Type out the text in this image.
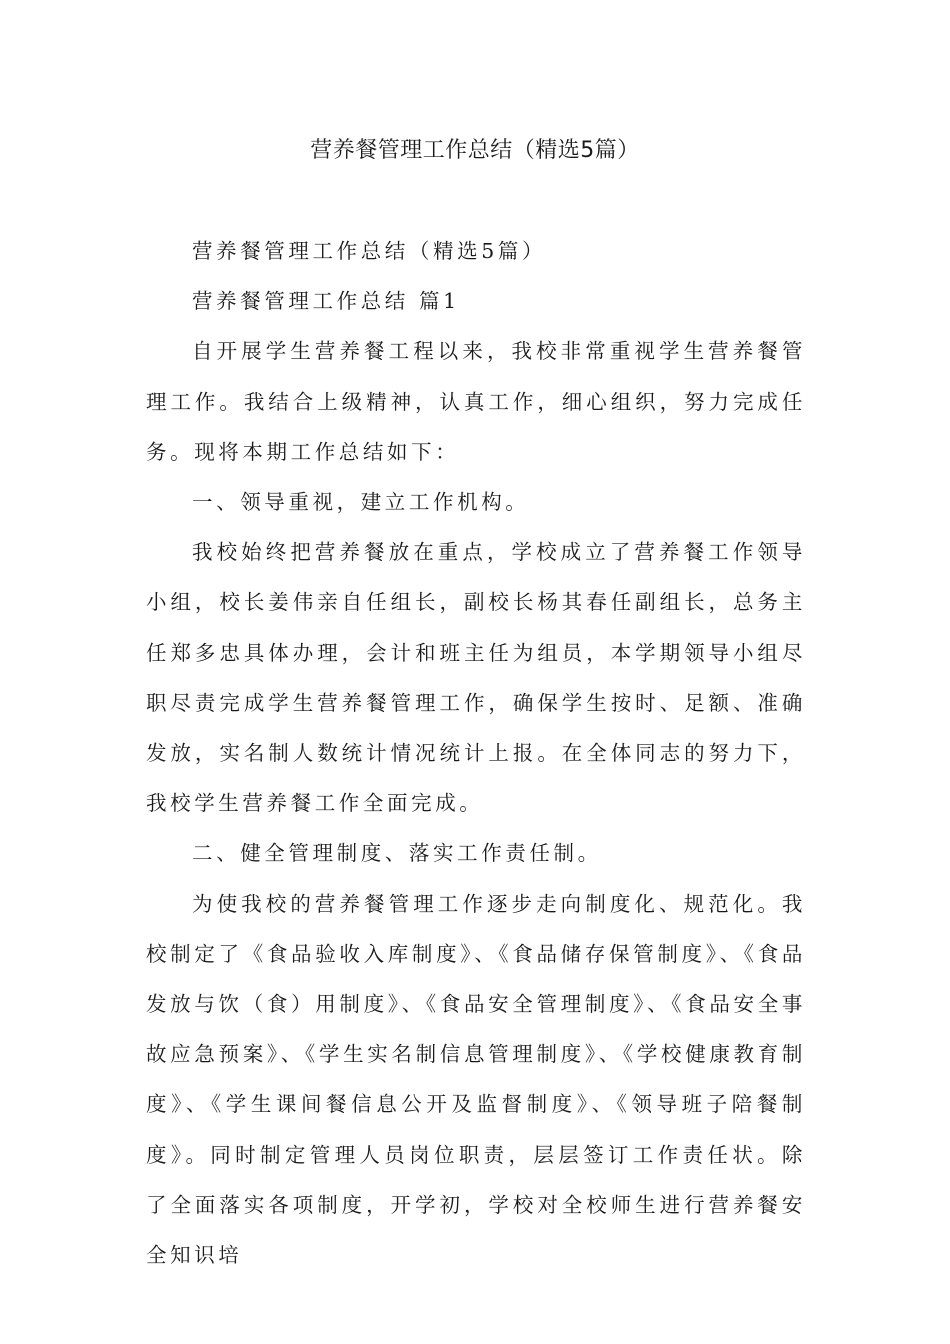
营养餐管理工作总结（精选5篇）

营养餐管理工作总结（精选5篇）

营养餐管理工作总结 篇1

自开展学生营养餐工程以来，我校非常重视学生营养餐管理工作。我结合上级精神，认真工作，细心组织，努力完成任务。现将本期工作总结如下：

一、领导重视，建立工作机构。

我校始终把营养餐放在重点，学校成立了营养餐工作领导小组，校长姜伟亲自任组长，副校长杨其春任副组长，总务主任郑多忠具体办理，会计和班主任为组员，本学期领导小组尽职尽责完成学生营养餐管理工作，确保学生按时、足额、准确发放，实名制人数统计情况统计上报。在全体同志的努力下，我校学生营养餐工作全面完成。

二、健全管理制度、落实工作责任制。

为使我校的营养餐管理工作逐步走向制度化、规范化。我校制定了《食品验收入库制度》、《食品储存保管制度》、《食品发放与饮（食）用制度》、《食品安全管理制度》、《食品安全事故应急预案》、《学生实名制信息管理制度》、《学校健康教育制度》、《学生课间餐信息公开及监督制度》、《领导班子陪餐制度》。同时制定管理人员岗位职责，层层签订工作责任状。除了全面落实各项制度，开学初，学校对全校师生进行营养餐安全知识培
